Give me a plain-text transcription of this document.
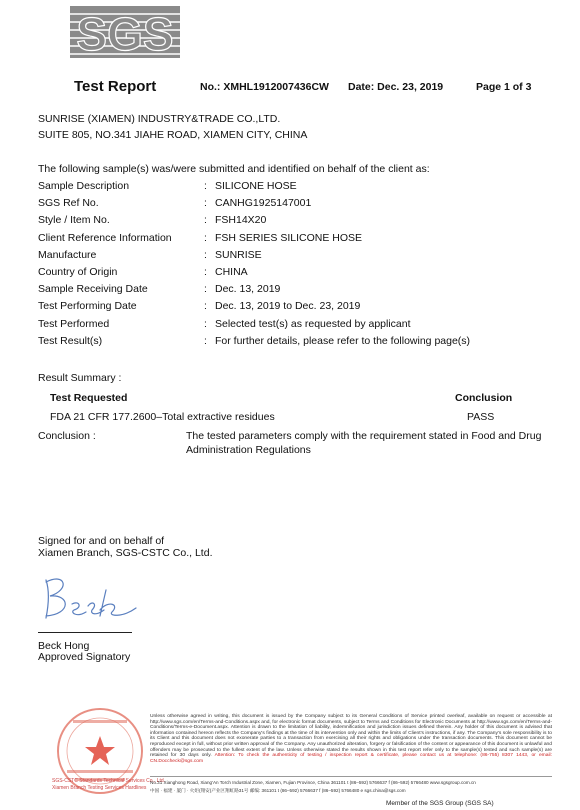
SGS
Test Report	No.: XMHL1912007436CW Date: Dec. 23, 2019	Page 1 of 3
SUNRISE (XIAMEN) INDUSTRY&TRADE CO.,LTD.
SUITE 805, NO.341 JIAHE ROAD, XIAMEN CITY, CHINA
The following sample(s) was/were submitted and identified on behalf of the client as:
Sample Description	: SILICONE HOSE
SGS Ref No.	: CANHG1925147001
Style / Item No.	: FSH14X20
Client Reference Information	: FSH SERIES SILICONE HOSE
Manufacture	: SUNRISE
Country of Origin	: CHINA
Sample Receiving Date	: Dec. 13, 2019
Test Performing Date	: Dec. 13, 2019 to Dec. 23, 2019
Test Performed	: Selected test(s) as requested by applicant
Test Result(s)	: For further details, please refer to the following page(s)
Result Summary :
Test Requested	Conclusion
FDA 21 CFR 177.2600–Total extractive residues	PASS
Conclusion :	The tested parameters comply with the requirement stated in Food and Drug
Administration Regulations
Signed for and on behalf of
Xiamen Branch, SGS-CSTC Co., Ltd.
Beck Hong
Approved Signatory
SGS-CSTC Standards Technical Services Co., Ltd.
Xiamen Branch Testing Services Hardlines
Unless otherwise agreed in writing, this document is issued by the Company subject to its General Conditions of Service printed overleaf, available on request or accessible at http://www.sgs.com/en/Terms-and-Conditions.aspx and, for electronic format documents, subject to Terms and Conditions for Electronic Documents at http://www.sgs.com/en/Terms-and-Conditions/Terms-e-Document.aspx. Attention is drawn to the limitation of liability, indemnification and jurisdiction issues defined therein. Any holder of this document is advised that information contained hereon reflects the Company's findings at the time of its intervention only and within the limits of Client's instructions, if any. The Company's sole responsibility is to its Client and this document does not exonerate parties to a transaction from exercising all their rights and obligations under the transaction documents. This document cannot be reproduced except in full, without prior written approval of the Company. Any unauthorized alteration, forgery or falsification of the content or appearance of this document is unlawful and offenders may be prosecuted to the fullest extent of the law. Unless otherwise stated the results shown in this test report refer only to the sample(s) tested and such sample(s) are retained for 30 days only. Attention: To check the authenticity of testing / inspection report & certificate, please contact us at telephone: (86-755) 8307 1443, or email: CN.Doccheck@sgs.com
No.31 Xianghong Road, Xiang'An Torch Industrial Zone, Xiamen, Fujian Province, China 361101 t (86–592) 5766637 f (86–592) 5766480 www.sgsgroup.com.cn
中国 · 福建 · 厦门 · 火炬(翔安)产业区翔虹路31号 邮编: 361101 t (86–592) 5766637 f (86–592) 5766480 e sgs.china@sgs.com
Member of the SGS Group (SGS SA)
